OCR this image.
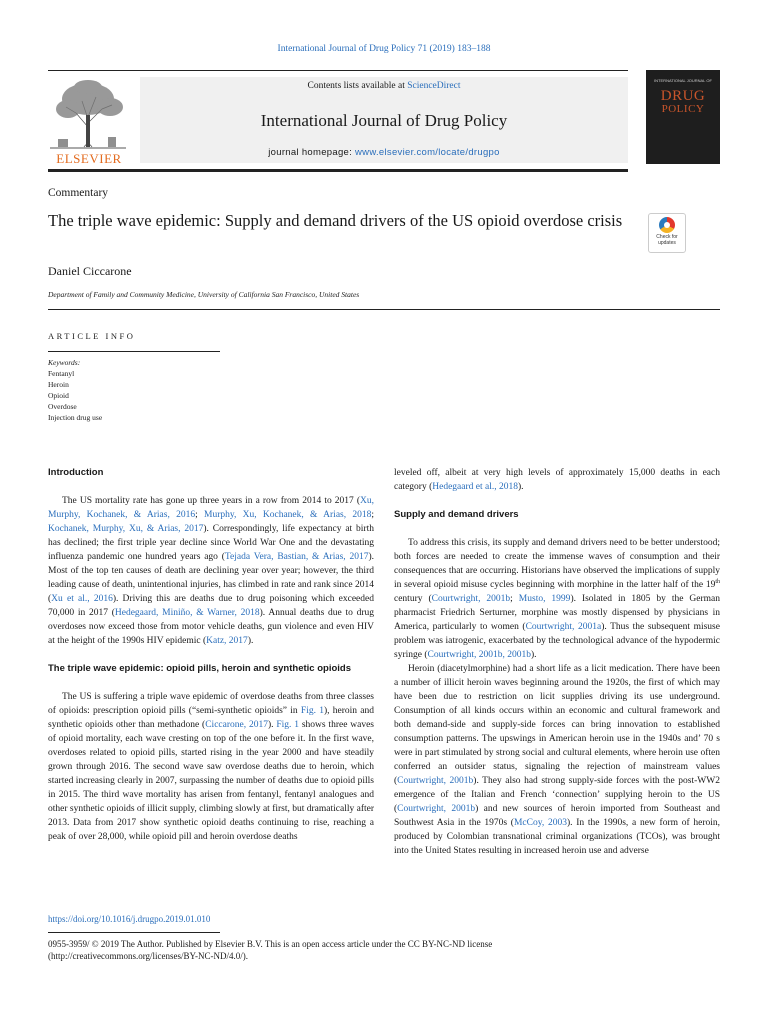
International Journal of Drug Policy 71 (2019) 183–188
ELSEVIER
Contents lists available at ScienceDirect
International Journal of Drug Policy
journal homepage: www.elsevier.com/locate/drugpo
INTERNATIONAL JOURNAL OF
DRUG
POLICY
Commentary
The triple wave epidemic: Supply and demand drivers of the US opioid overdose crisis
Check for
updates
Daniel Ciccarone
Department of Family and Community Medicine, University of California San Francisco, United States
ARTICLE INFO
Keywords:
Fentanyl
Heroin
Opioid
Overdose
Injection drug use
Introduction

The US mortality rate has gone up three years in a row from 2014 to 2017 (Xu, Murphy, Kochanek, & Arias, 2016; Murphy, Xu, Kochanek, & Arias, 2018; Kochanek, Murphy, Xu, & Arias, 2017). Correspondingly, life expectancy at birth has declined; the first triple year decline since World War One and the devastating influenza pandemic one hundred years ago (Tejada Vera, Bastian, & Arias, 2017). Most of the top ten causes of death are declining year over year; however, the third leading cause of death, unintentional injuries, has climbed in rate and rank since 2014 (Xu et al., 2016). Driving this are deaths due to drug poisoning which exceeded 70,000 in 2017 (Hedegaard, Miniño, & Warner, 2018). Annual deaths due to drug overdoses now exceed those from motor vehicle deaths, gun violence and even HIV at the height of the 1990s HIV epidemic (Katz, 2017).

The triple wave epidemic: opioid pills, heroin and synthetic opioids

The US is suffering a triple wave epidemic of overdose deaths from three classes of opioids: prescription opioid pills (“semi-synthetic opioids” in Fig. 1), heroin and synthetic opioids other than methadone (Ciccarone, 2017). Fig. 1 shows three waves of opioid mortality, each wave cresting on top of the one before it. In the first wave, overdoses related to opioid pills, started rising in the year 2000 and have steadily grown through 2016. The second wave saw overdose deaths due to heroin, which started increasing clearly in 2007, surpassing the number of deaths due to opioid pills in 2015. The third wave mortality has arisen from fentanyl, fentanyl analogues and other synthetic opioids of illicit supply, climbing slowly at first, but dramatically after 2013. Data from 2017 show synthetic opioid deaths continuing to rise, reaching a peak of over 28,000, while opioid pill and heroin overdose deaths

leveled off, albeit at very high levels of approximately 15,000 deaths in each category (Hedegaard et al., 2018).

Supply and demand drivers

To address this crisis, its supply and demand drivers need to be better understood; both forces are needed to create the immense waves of consumption and their consequences that are occurring. Historians have observed the implications of supply in several opioid misuse cycles beginning with morphine in the latter half of the 19th century (Courtwright, 2001b; Musto, 1999). Isolated in 1805 by the German pharmacist Friedrich Serturner, morphine was mostly dispensed by physicians in America, particularly to women (Courtwright, 2001a). Thus the subsequent misuse problem was iatrogenic, exacerbated by the technological advance of the hypodermic syringe (Courtwright, 2001b, 2001b).

Heroin (diacetylmorphine) had a short life as a licit medication. There have been a number of illicit heroin waves beginning around the 1920s, the first of which may have been due to restriction on licit supplies driving its use underground. Consumption of all kinds occurs within an economic and cultural framework and both demand-side and supply-side forces can bring innovation to established consumption patterns. The upswings in American heroin use in the 1940s and’ 70 s were in part stimulated by strong social and cultural elements, where heroin use often conferred an outsider status, signaling the rejection of mainstream values (Courtwright, 2001b). They also had strong supply-side forces with the post-WW2 emergence of the Italian and French ‘connection’ supplying heroin to the US (Courtwright, 2001b) and new sources of heroin imported from Southeast and Southwest Asia in the 1970s (McCoy, 2003). In the 1990s, a new form of heroin, produced by Colombian transnational criminal organizations (TCOs), was brought into the United States resulting in increased heroin use and adverse

https://doi.org/10.1016/j.drugpo.2019.01.010
0955-3959/ © 2019 The Author. Published by Elsevier B.V. This is an open access article under the CC BY-NC-ND license
(http://creativecommons.org/licenses/BY-NC-ND/4.0/).
